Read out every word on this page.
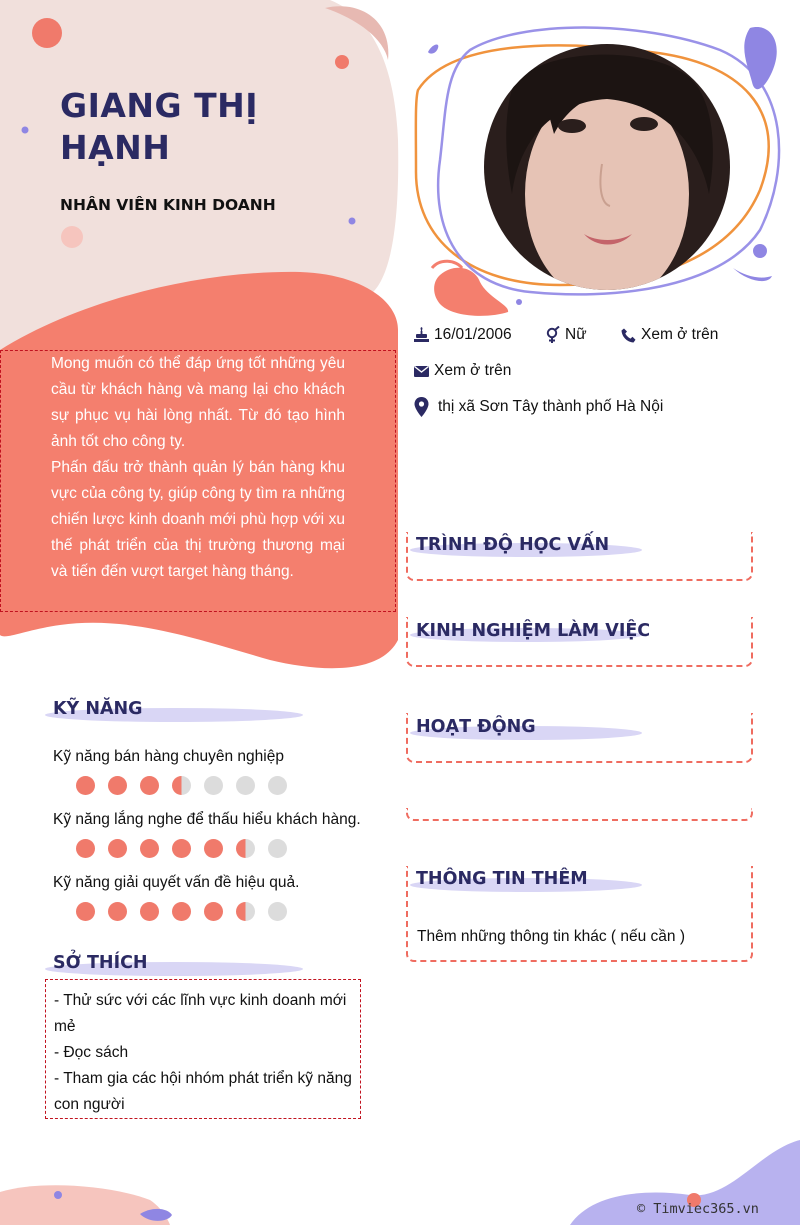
GIANG THỊ
HẠNH
NHÂN VIÊN KINH DOANH

Mong muốn có thể đáp ứng tốt những yêu cầu từ khách hàng và mang lại cho khách sự phục vụ hài lòng nhất. Từ đó tạo hình ảnh tốt cho công ty.

Phấn đấu trở thành quản lý bán hàng khu vực của công ty, giúp công ty tìm ra những chiến lược kinh doanh mới phù hợp với xu thế phát triển của thị trường thương mại và tiến đến vượt target hàng tháng.

16/01/2006	Nữ	Xem ở trên
Xem ở trên
thị xã Sơn Tây thành phố Hà Nội
TRÌNH ĐỘ HỌC VẤN
KINH NGHIỆM LÀM VIỆC
HOẠT ĐỘNG
THÔNG TIN THÊM
Thêm những thông tin khác ( nếu cần )
KỸ NĂNG
Kỹ năng bán hàng chuyên nghiệp
Kỹ năng lắng nghe để thấu hiểu khách hàng.
Kỹ năng giải quyết vấn đề hiệu quả.
SỞ THÍCH
- Thử sức với các lĩnh vực kinh doanh mới mẻ
- Đọc sách
- Tham gia các hội nhóm phát triển kỹ năng con người
© Timviec365.vn
